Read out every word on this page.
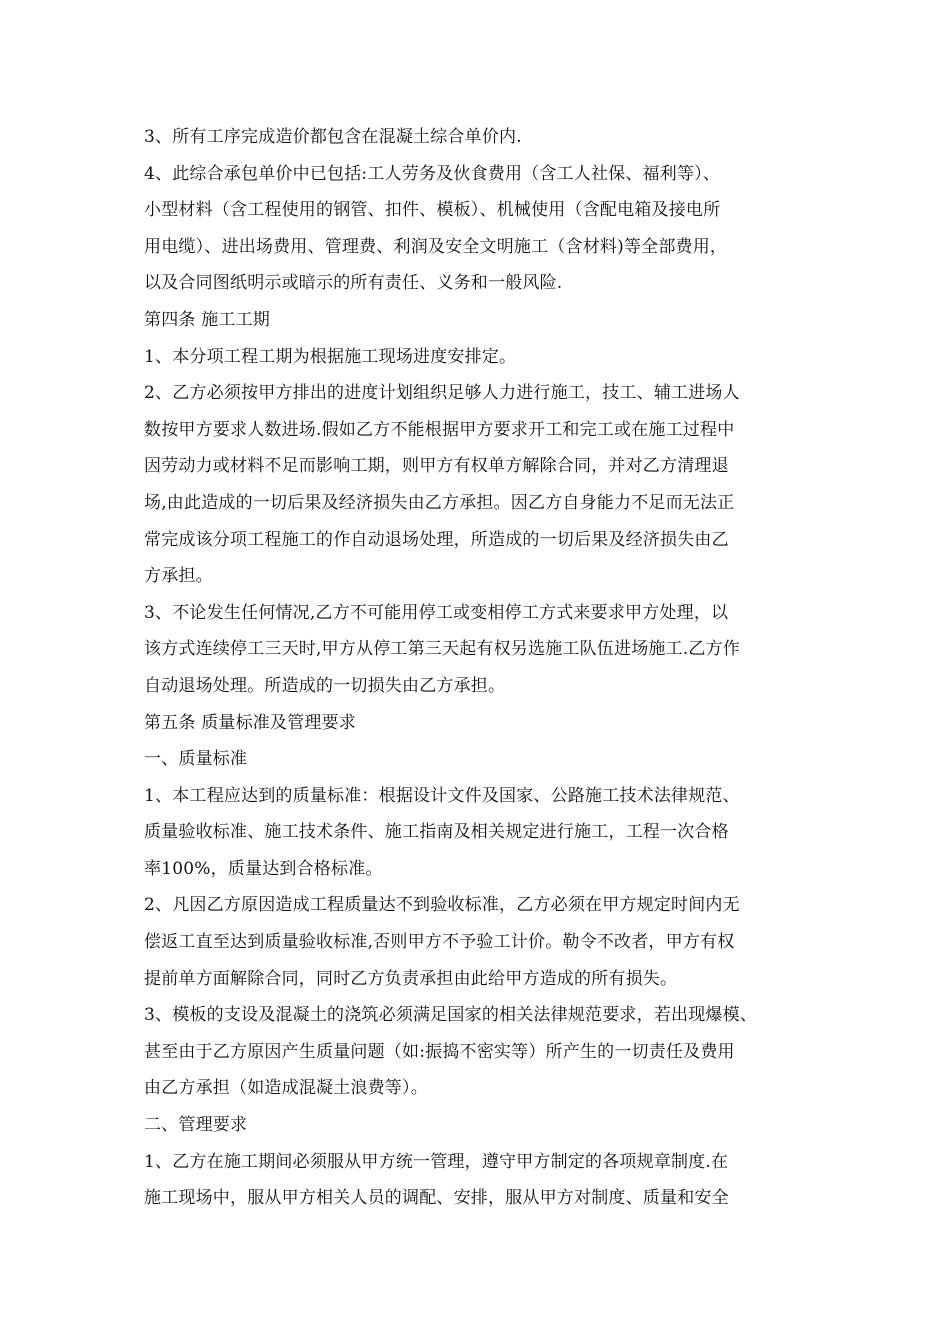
3、所有工序完成造价都包含在混凝土综合单价内.
4、此综合承包单价中已包括:工人劳务及伙食费用（含工人社保、福利等）、
小型材料（含工程使用的钢管、扣件、模板）、机械使用（含配电箱及接电所
用电缆）、进出场费用、管理费、利润及安全文明施工（含材料)等全部费用，
以及合同图纸明示或暗示的所有责任、义务和一般风险.
第四条 施工工期
1、本分项工程工期为根据施工现场进度安排定。
2、乙方必须按甲方排出的进度计划组织足够人力进行施工，技工、辅工进场人
数按甲方要求人数进场.假如乙方不能根据甲方要求开工和完工或在施工过程中
因劳动力或材料不足而影响工期，则甲方有权单方解除合同，并对乙方清理退
场,由此造成的一切后果及经济损失由乙方承担。因乙方自身能力不足而无法正
常完成该分项工程施工的作自动退场处理，所造成的一切后果及经济损失由乙
方承担。
3、不论发生任何情况,乙方不可能用停工或变相停工方式来要求甲方处理，以
该方式连续停工三天时,甲方从停工第三天起有权另选施工队伍进场施工.乙方作
自动退场处理。所造成的一切损失由乙方承担。
第五条 质量标准及管理要求
一、质量标准
1、本工程应达到的质量标准：根据设计文件及国家、公路施工技术法律规范、
质量验收标准、施工技术条件、施工指南及相关规定进行施工，工程一次合格
率100%，质量达到合格标准。
2、凡因乙方原因造成工程质量达不到验收标准，乙方必须在甲方规定时间内无
偿返工直至达到质量验收标准,否则甲方不予验工计价。勒令不改者，甲方有权
提前单方面解除合同，同时乙方负责承担由此给甲方造成的所有损失。
3、模板的支设及混凝土的浇筑必须满足国家的相关法律规范要求，若出现爆模、
甚至由于乙方原因产生质量问题（如:振捣不密实等）所产生的一切责任及费用
由乙方承担（如造成混凝土浪费等）。
二、管理要求
1、乙方在施工期间必须服从甲方统一管理，遵守甲方制定的各项规章制度.在
施工现场中，服从甲方相关人员的调配、安排，服从甲方对制度、质量和安全
